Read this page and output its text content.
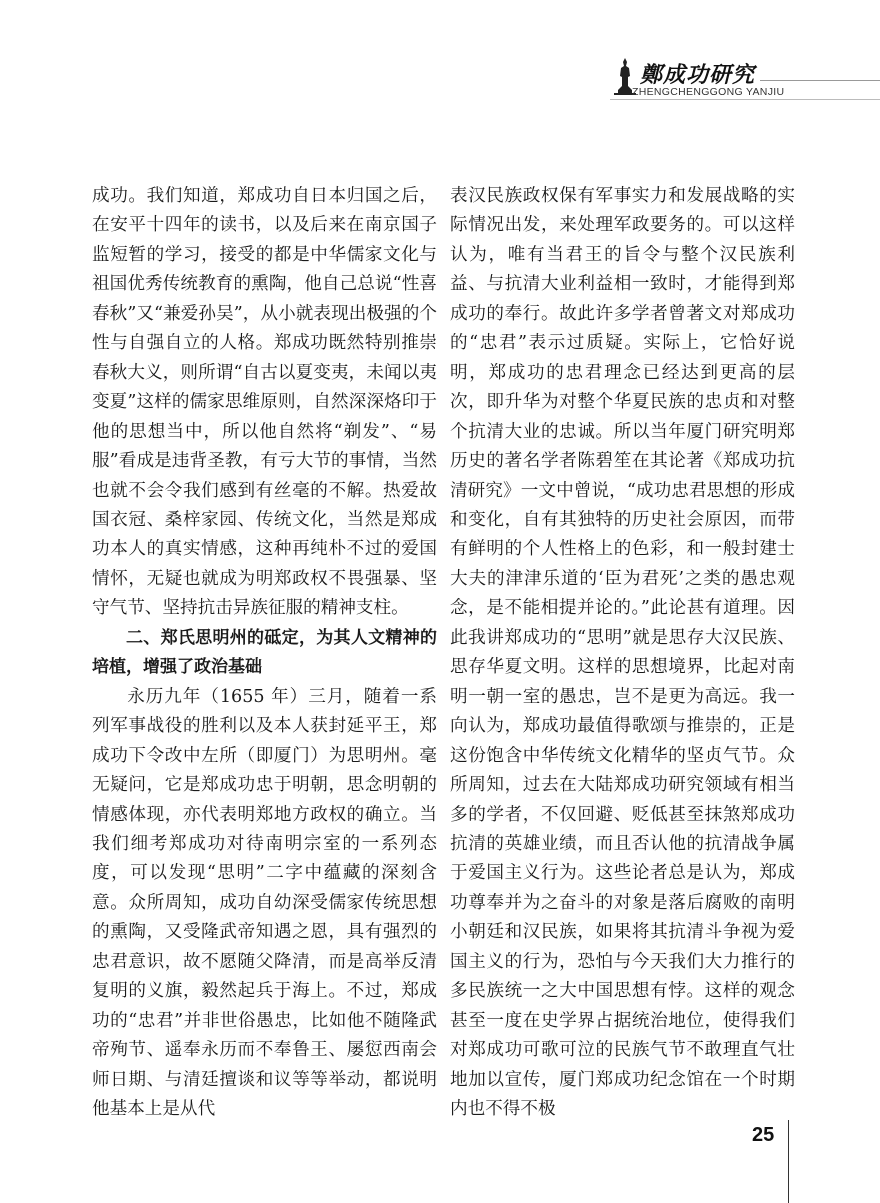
鄭成功研究
ZHENGCHENGGONG YANJIU

成功。我们知道，郑成功自日本归国之后，在安平十四年的读书，以及后来在南京国子监短暂的学习，接受的都是中华儒家文化与祖国优秀传统教育的熏陶，他自己总说“性喜春秋”又“兼爱孙吴”，从小就表现出极强的个性与自强自立的人格。郑成功既然特别推崇春秋大义，则所谓“自古以夏变夷，未闻以夷变夏”这样的儒家思维原则，自然深深烙印于他的思想当中，所以他自然将“剃发”、“易服”看成是违背圣教，有亏大节的事情，当然也就不会令我们感到有丝毫的不解。热爱故国衣冠、桑梓家园、传统文化，当然是郑成功本人的真实情感，这种再纯朴不过的爱国情怀，无疑也就成为明郑政权不畏强暴、坚守气节、坚持抗击异族征服的精神支柱。

二、郑氏思明州的砥定，为其人文精神的培植，增强了政治基础

永历九年（1655 年）三月，随着一系列军事战役的胜利以及本人获封延平王，郑成功下令改中左所（即厦门）为思明州。毫无疑问，它是郑成功忠于明朝，思念明朝的情感体现，亦代表明郑地方政权的确立。当我们细考郑成功对待南明宗室的一系列态度，可以发现“思明”二字中蕴藏的深刻含意。众所周知，成功自幼深受儒家传统思想的熏陶，又受隆武帝知遇之恩，具有强烈的忠君意识，故不愿随父降清，而是高举反清复明的义旗，毅然起兵于海上。不过，郑成功的“忠君”并非世俗愚忠，比如他不随隆武帝殉节、遥奉永历而不奉鲁王、屡愆西南会师日期、与清廷擅谈和议等等举动，都说明他基本上是从代

表汉民族政权保有军事实力和发展战略的实际情况出发，来处理军政要务的。可以这样认为，唯有当君王的旨令与整个汉民族利益、与抗清大业利益相一致时，才能得到郑成功的奉行。故此许多学者曾著文对郑成功的“忠君”表示过质疑。实际上，它恰好说明，郑成功的忠君理念已经达到更高的层次，即升华为对整个华夏民族的忠贞和对整个抗清大业的忠诚。所以当年厦门研究明郑历史的著名学者陈碧笙在其论著《郑成功抗清研究》一文中曾说，“成功忠君思想的形成和变化，自有其独特的历史社会原因，而带有鲜明的个人性格上的色彩，和一般封建士大夫的津津乐道的‘臣为君死’之类的愚忠观念，是不能相提并论的。”此论甚有道理。因此我讲郑成功的“思明”就是思存大汉民族、思存华夏文明。这样的思想境界，比起对南明一朝一室的愚忠，岂不是更为高远。我一向认为，郑成功最值得歌颂与推崇的，正是这份饱含中华传统文化精华的坚贞气节。众所周知，过去在大陆郑成功研究领域有相当多的学者，不仅回避、贬低甚至抹煞郑成功抗清的英雄业绩，而且否认他的抗清战争属于爱国主义行为。这些论者总是认为，郑成功尊奉并为之奋斗的对象是落后腐败的南明小朝廷和汉民族，如果将其抗清斗争视为爱国主义的行为，恐怕与今天我们大力推行的多民族统一之大中国思想有悖。这样的观念甚至一度在史学界占据统治地位，使得我们对郑成功可歌可泣的民族气节不敢理直气壮地加以宣传，厦门郑成功纪念馆在一个时期内也不得不极

25
